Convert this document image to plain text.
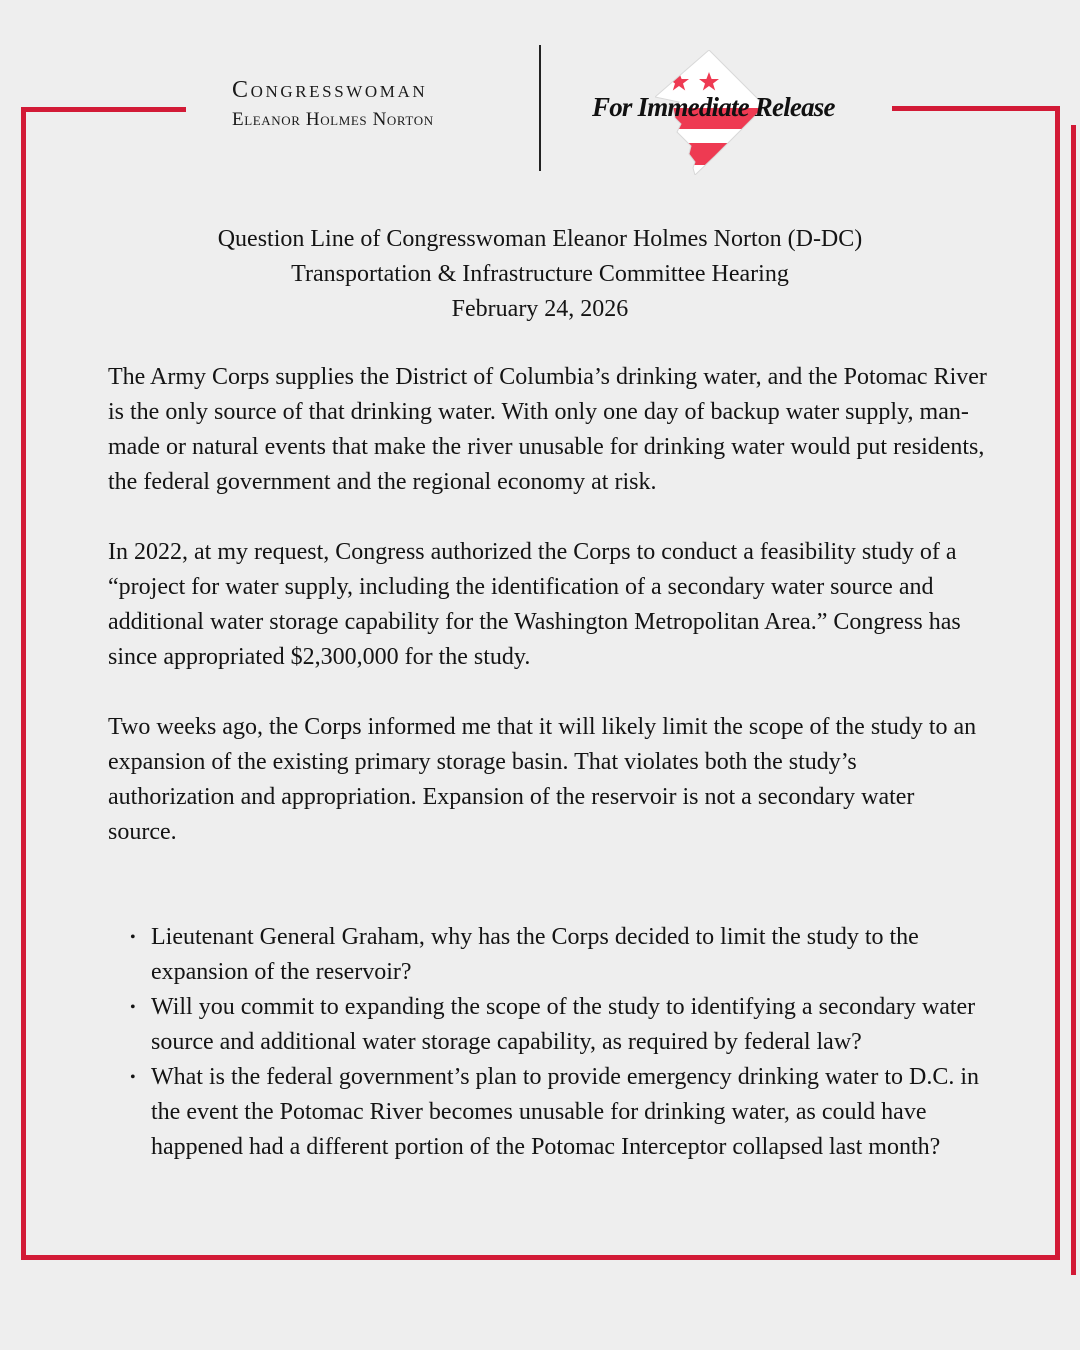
Congresswoman
Eleanor Holmes Norton	For Immediate Release
Question Line of Congresswoman Eleanor Holmes Norton (D-DC)
Transportation & Infrastructure Committee Hearing
February 24, 2026

The Army Corps supplies the District of Columbia’s drinking water, and the Potomac River is the only source of that drinking water. With only one day of backup water supply, man-made or natural events that make the river unusable for drinking water would put residents, the federal government and the regional economy at risk.

In 2022, at my request, Congress authorized the Corps to conduct a feasibility study of a “project for water supply, including the identification of a secondary water source and additional water storage capability for the Washington Metropolitan Area.” Congress has since appropriated $2,300,000 for the study.

Two weeks ago, the Corps informed me that it will likely limit the scope of the study to an expansion of the existing primary storage basin. That violates both the study’s authorization and appropriation. Expansion of the reservoir is not a secondary water source.

• Lieutenant General Graham, why has the Corps decided to limit the study to the expansion of the reservoir?
• Will you commit to expanding the scope of the study to identifying a secondary water source and additional water storage capability, as required by federal law?
• What is the federal government’s plan to provide emergency drinking water to D.C. in the event the Potomac River becomes unusable for drinking water, as could have happened had a different portion of the Potomac Interceptor collapsed last month?
